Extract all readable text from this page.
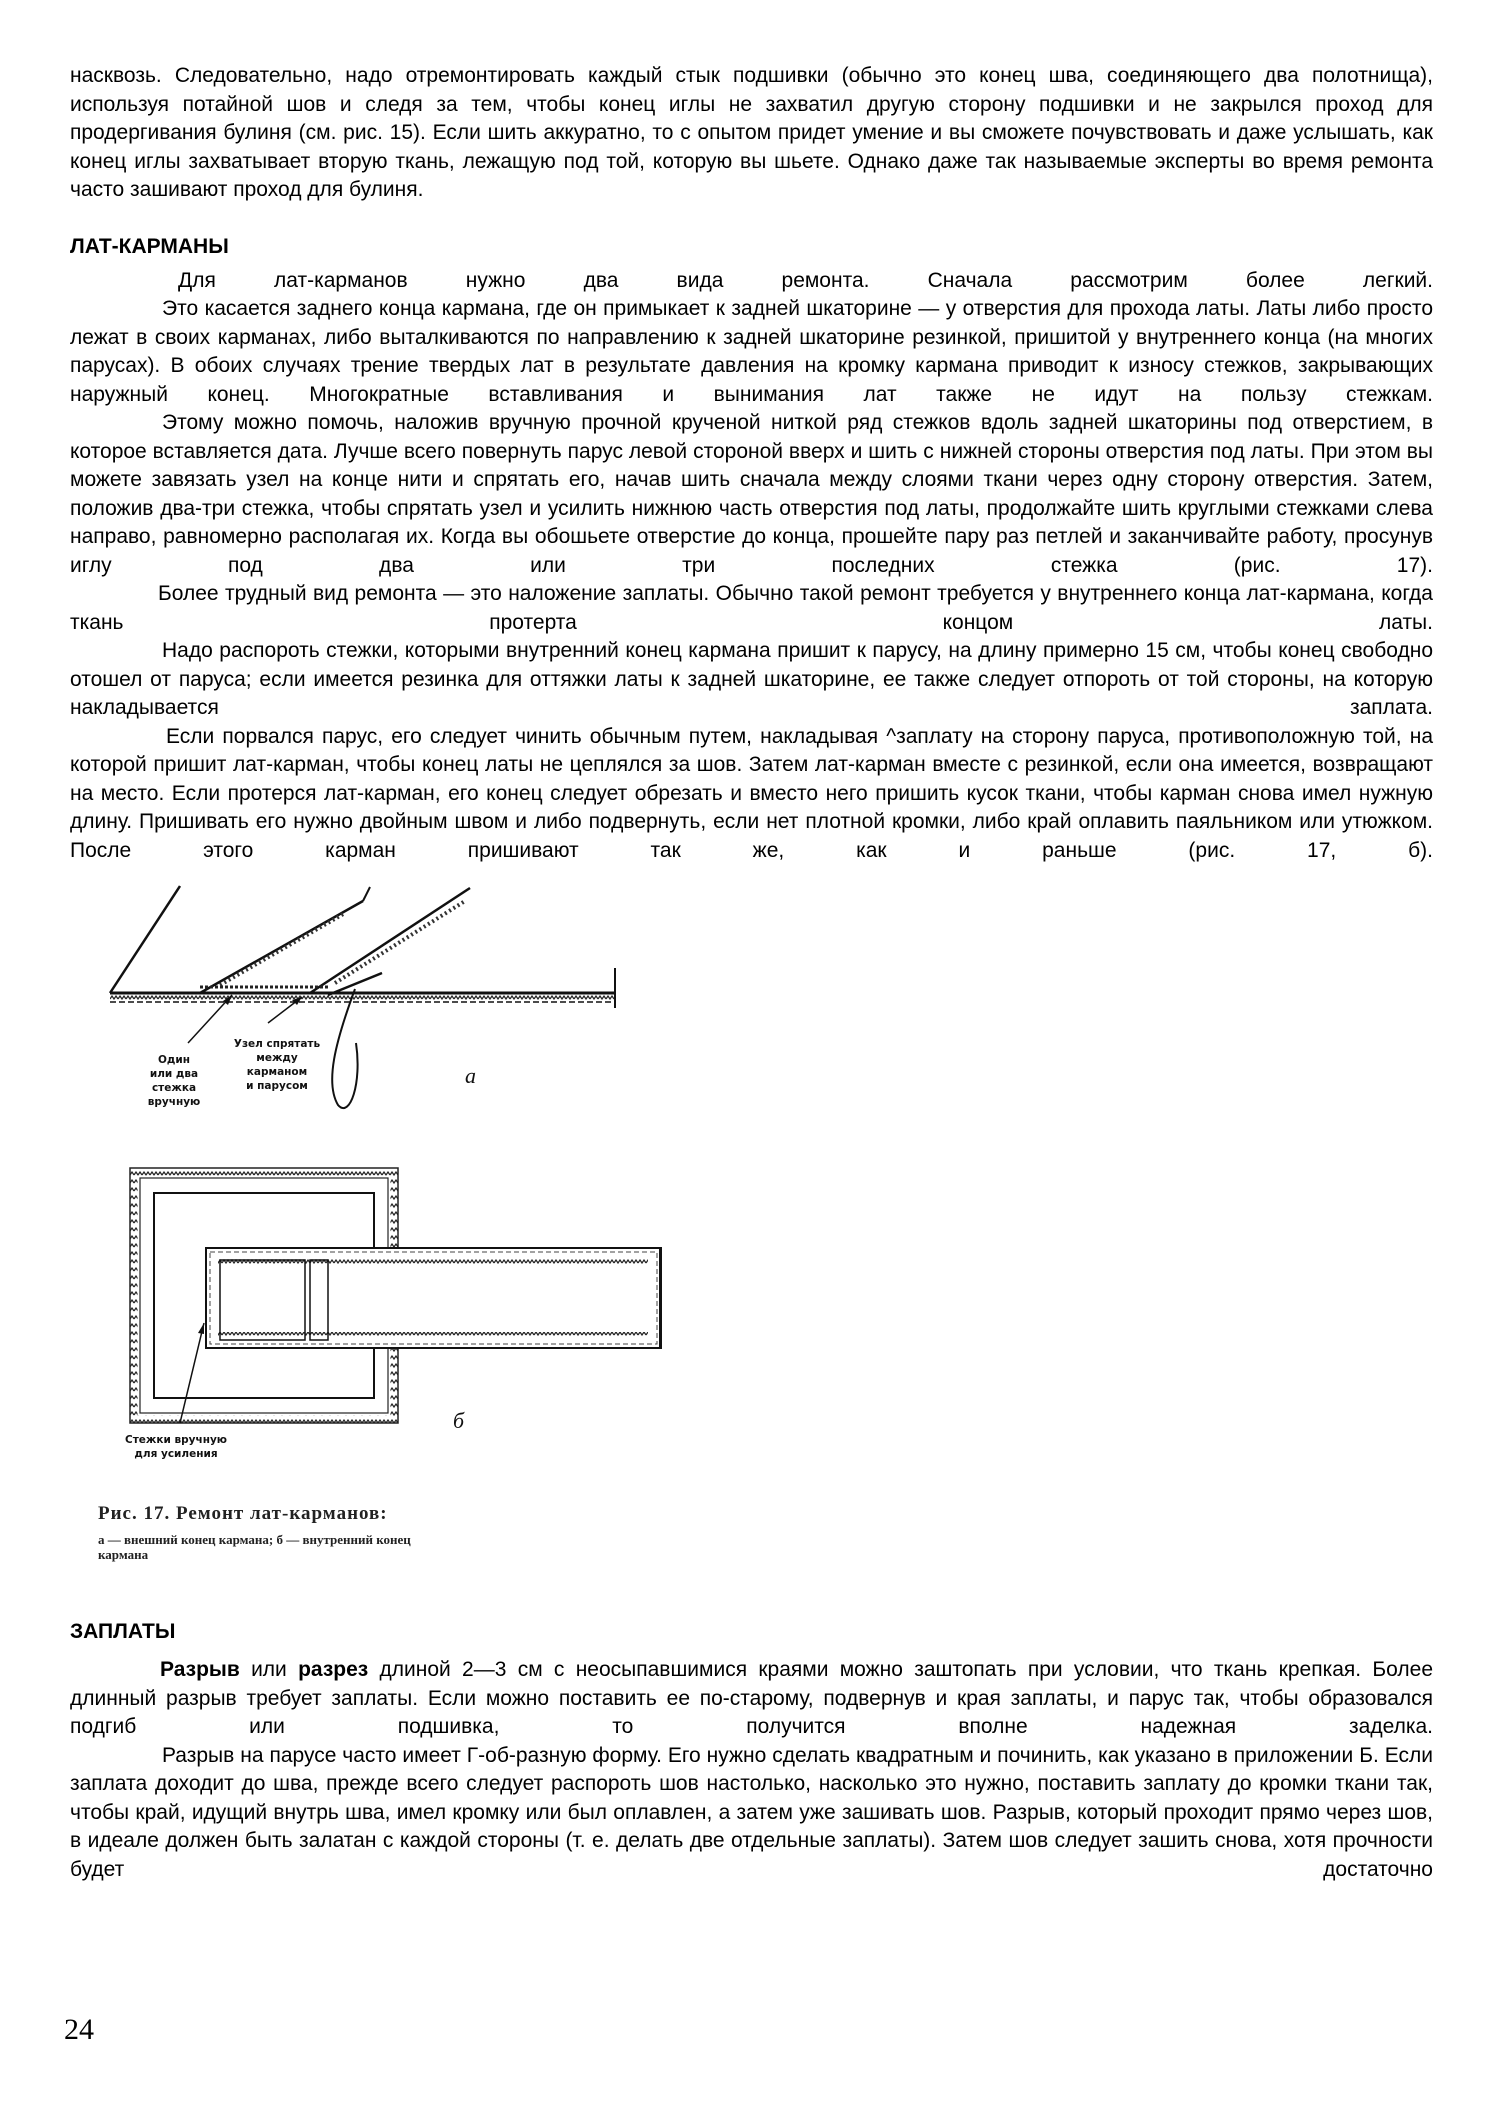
насквозь. Следовательно, надо отремонтировать каждый стык подшивки (обычно это конец шва, соединяющего два полотнища), используя потайной шов и следя за тем, чтобы конец иглы не захватил другую сторону подшивки и не закрылся проход для продергивания булиня (см. рис. 15). Если шить аккуратно, то с опытом придет умение и вы сможете почувствовать и даже услышать, как конец иглы захватывает вторую ткань, лежащую под той, которую вы шьете. Однако даже так называемые эксперты во время ремонта часто зашивают проход для булиня.

ЛАТ-КАРМАНЫ

Для лат-карманов нужно два вида ремонта. Сначала рассмотрим более легкий.

Это касается заднего конца кармана, где он примыкает к задней шкаторине — у отверстия для прохода латы. Латы либо просто лежат в своих карманах, либо выталкиваются по направлению к задней шкаторине резинкой, пришитой у внутреннего конца (на многих парусах). В обоих случаях трение твердых лат в результате давления на кромку кармана приводит к износу стежков, закрывающих наружный конец. Многократные вставливания и вынимания лат также не идут на пользу стежкам.

Этому можно помочь, наложив вручную прочной крученой ниткой ряд стежков вдоль задней шкаторины под отверстием, в которое вставляется дата. Лучше всего повернуть парус левой стороной вверх и шить с нижней стороны отверстия под латы. При этом вы можете завязать узел на конце нити и спрятать его, начав шить сначала между слоями ткани через одну сторону отверстия. Затем, положив два-три стежка, чтобы спрятать узел и усилить нижнюю часть отверстия под латы, продолжайте шить круглыми стежками слева направо, равномерно располагая их. Когда вы обошьете отверстие до конца, прошейте пару раз петлей и заканчивайте работу, просунув иглу под два или три последних стежка (рис. 17).

Более трудный вид ремонта — это наложение заплаты. Обычно такой ремонт требуется у внутреннего конца лат-кармана, когда ткань протерта концом латы.

Надо распороть стежки, которыми внутренний конец кармана пришит к парусу, на длину примерно 15 см, чтобы конец свободно отошел от паруса; если имеется резинка для оттяжки латы к задней шкаторине, ее также следует отпороть от той стороны, на которую накладывается заплата.

Если порвался парус, его следует чинить обычным путем, накладывая ^заплату на сторону паруса, противоположную той, на которой пришит лат-карман, чтобы конец латы не цеплялся за шов. Затем лат-карман вместе с резинкой, если она имеется, возвращают на место. Если протерся лат-карман, его конец следует обрезать и вместо него пришить кусок ткани, чтобы карман снова имел нужную длину. Пришивать его нужно двойным швом и либо подвернуть, если нет плотной кромки, либо край оплавить паяльником или утюжком. После этого карман пришивают так же, как и раньше (рис. 17, б).

Один
или два
стежка
вручную
Узел спрятать
между
карманом
и парусом	а
Стежки вручную
для усиления
б
Рис. 17. Ремонт лат-карманов:
а — внешний конец кармана; б — внутренний конец
кармана
ЗАПЛАТЫ

Разрыв или разрез длиной 2—3 см с неосыпавшимися краями можно заштопать при условии, что ткань крепкая. Более длинный разрыв требует заплаты. Если можно поставить ее по-старому, подвернув и края заплаты, и парус так, чтобы образовался подгиб или подшивка, то получится вполне надежная заделка.

Разрыв на парусе часто имеет Г-об-разную форму. Его нужно сделать квадратным и починить, как указано в приложении Б. Если заплата доходит до шва, прежде всего следует распороть шов настолько, насколько это нужно, поставить заплату до кромки ткани так, чтобы край, идущий внутрь шва, имел кромку или был оплавлен, а затем уже зашивать шов. Разрыв, который проходит прямо через шов, в идеале должен быть залатан с каждой стороны (т. е. делать две отдельные заплаты). Затем шов следует зашить снова, хотя прочности будет достаточно

24
